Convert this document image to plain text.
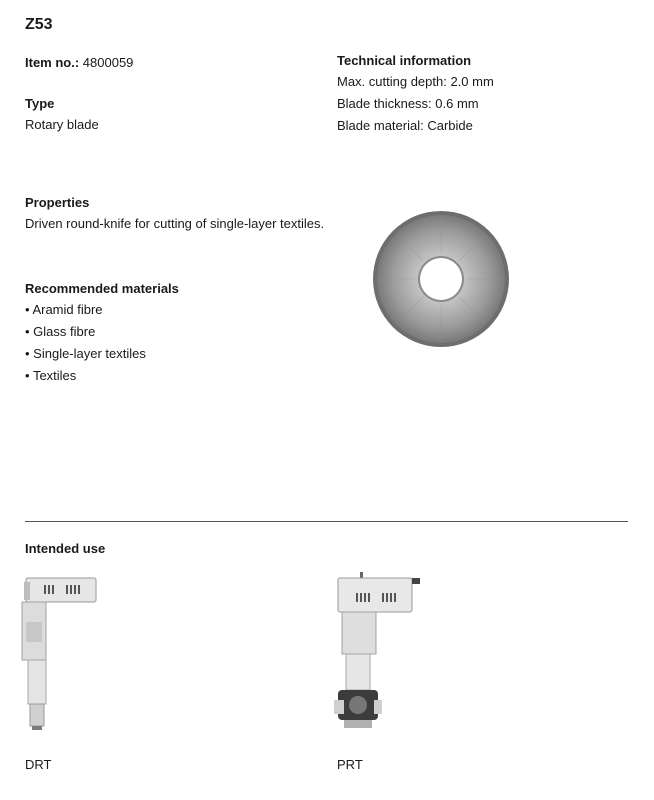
Z53
Item no.: 4800059
Type
Rotary blade
Technical information
Max. cutting depth: 2.0 mm
Blade thickness: 0.6 mm
Blade material: Carbide
Properties
Driven round-knife for cutting of single-layer textiles.
Recommended materials
• Aramid fibre
• Glass fibre
• Single-layer textiles
• Textiles
Intended use
DRT	PRT
